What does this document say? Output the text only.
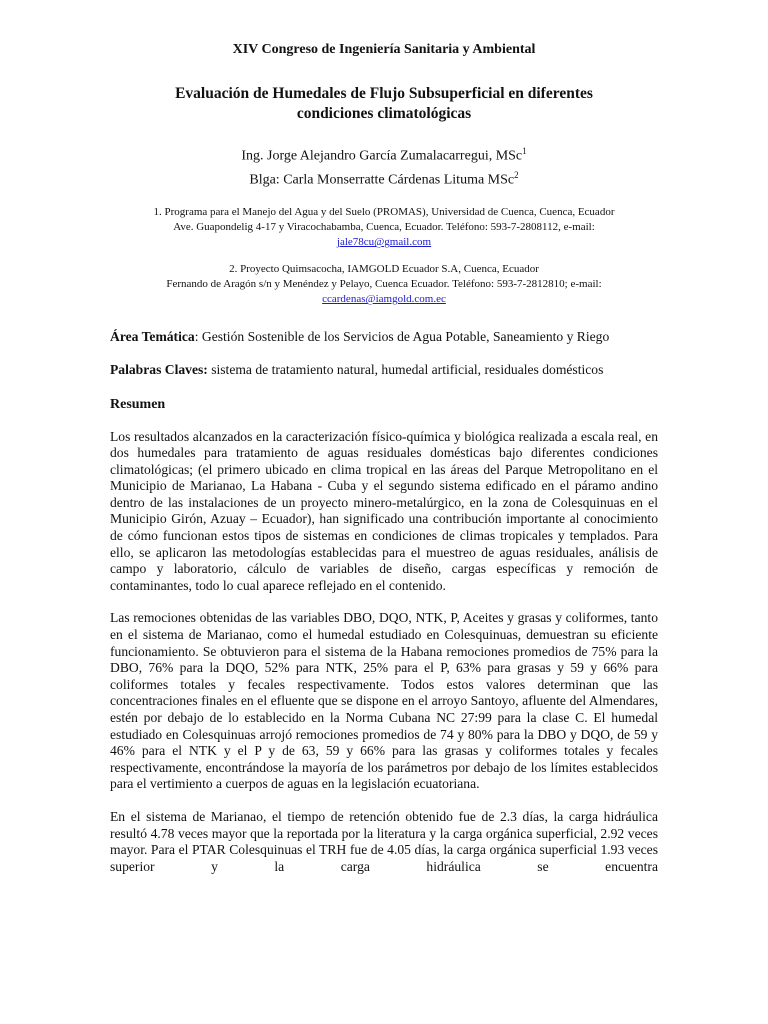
XIV Congreso de Ingeniería Sanitaria y Ambiental
Evaluación de Humedales de Flujo Subsuperficial en diferentes condiciones climatológicas
Ing. Jorge Alejandro García Zumalacarregui, MSc$^1$
Blga: Carla Monserratte Cárdenas Lituma MSc$^2$
1. Programa para el Manejo del Agua y del Suelo (PROMAS), Universidad de Cuenca, Cuenca, Ecuador
Ave. Guapondelig 4-17 y Viracochabamba, Cuenca, Ecuador. Teléfono: 593-7-2808112, e-mail:
jale78cu@gmail.com
2. Proyecto Quimsacocha, IAMGOLD Ecuador S.A, Cuenca, Ecuador
Fernando de Aragón s/n y Menéndez y Pelayo, Cuenca Ecuador. Teléfono: 593-7-2812810; e-mail:
ccardenas@iamgold.com.ec
Área Temática: Gestión Sostenible de los Servicios de Agua Potable, Saneamiento y Riego
Palabras Claves: sistema de tratamiento natural, humedal artificial, residuales domésticos
Resumen
Los resultados alcanzados en la caracterización físico-química y biológica realizada a escala real, en dos humedales para tratamiento de aguas residuales domésticas bajo diferentes condiciones climatológicas; (el primero ubicado en clima tropical en las áreas del Parque Metropolitano en el Municipio de Marianao, La Habana - Cuba y el segundo sistema edificado en el páramo andino dentro de las instalaciones de un proyecto minero-metalúrgico, en la zona de Colesquinuas en el Municipio Girón, Azuay – Ecuador), han significado una contribución importante al conocimiento de cómo funcionan estos tipos de sistemas en condiciones de climas tropicales y templados. Para ello, se aplicaron las metodologías establecidas para el muestreo de aguas residuales, análisis de campo y laboratorio, cálculo de variables de diseño, cargas específicas y remoción de contaminantes, todo lo cual aparece reflejado en el contenido.
Las remociones obtenidas de las variables DBO, DQO, NTK, P, Aceites y grasas y coliformes, tanto en el sistema de Marianao, como el humedal estudiado en Colesquinuas, demuestran su eficiente funcionamiento. Se obtuvieron para el sistema de la Habana remociones promedios de 75% para la DBO, 76% para la DQO, 52% para NTK, 25% para el P, 63% para grasas y 59 y 66% para coliformes totales y fecales respectivamente. Todos estos valores determinan que las concentraciones finales en el efluente que se dispone en el arroyo Santoyo, afluente del Almendares, estén por debajo de lo establecido en la Norma Cubana NC 27:99 para la clase C. El humedal estudiado en Colesquinuas arrojó remociones promedios de 74 y 80% para la DBO y DQO, de 59 y 46% para el NTK y el P y de 63, 59 y 66% para las grasas y coliformes totales y fecales respectivamente, encontrándose la mayoría de los parámetros por debajo de los límites establecidos para el vertimiento a cuerpos de aguas en la legislación ecuatoriana.
En el sistema de Marianao, el tiempo de retención obtenido fue de 2.3 días, la carga hidráulica resultó 4.78 veces mayor que la reportada por la literatura y la carga orgánica superficial, 2.92 veces mayor. Para el PTAR Colesquinuas el TRH fue de 4.05 días, la carga orgánica superficial 1.93 veces superior y la carga hidráulica se encuentra
